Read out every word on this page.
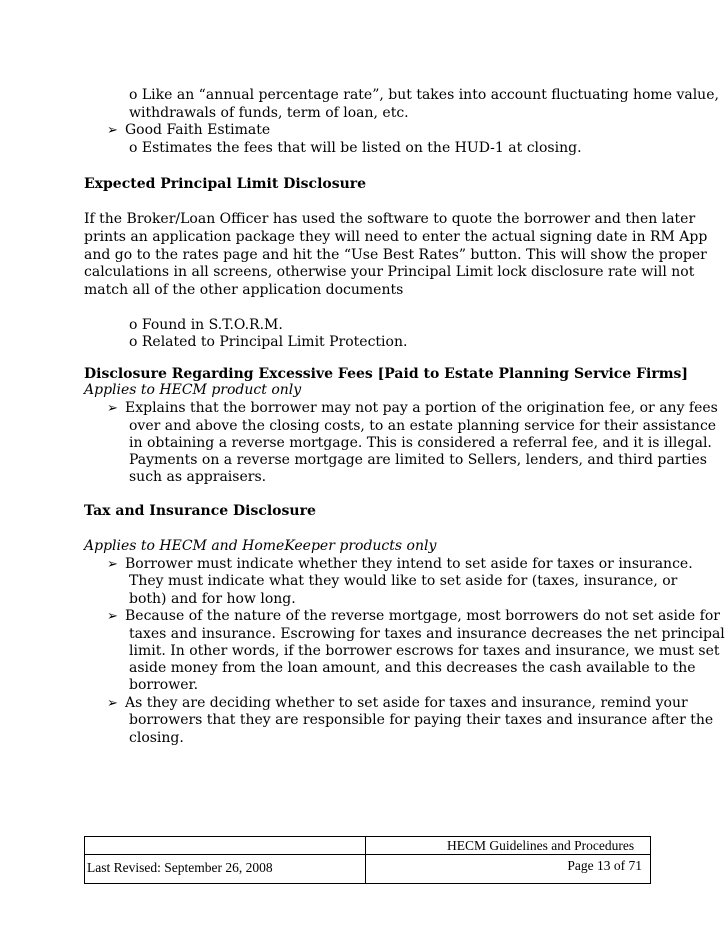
o Like an “annual percentage rate”, but takes into account fluctuating home value,
withdrawals of funds, term of loan, etc.
➢ Good Faith Estimate
o Estimates the fees that will be listed on the HUD-1 at closing.
Expected Principal Limit Disclosure
If the Broker/Loan Officer has used the software to quote the borrower and then later
prints an application package they will need to enter the actual signing date in RM App
and go to the rates page and hit the “Use Best Rates” button. This will show the proper
calculations in all screens, otherwise your Principal Limit lock disclosure rate will not
match all of the other application documents
o Found in S.T.O.R.M.
o Related to Principal Limit Protection.
Disclosure Regarding Excessive Fees [Paid to Estate Planning Service Firms]
Applies to HECM product only
➢ Explains that the borrower may not pay a portion of the origination fee, or any fees
over and above the closing costs, to an estate planning service for their assistance
in obtaining a reverse mortgage. This is considered a referral fee, and it is illegal.
Payments on a reverse mortgage are limited to Sellers, lenders, and third parties
such as appraisers.
Tax and Insurance Disclosure
Applies to HECM and HomeKeeper products only
➢ Borrower must indicate whether they intend to set aside for taxes or insurance.
They must indicate what they would like to set aside for (taxes, insurance, or
both) and for how long.
➢ Because of the nature of the reverse mortgage, most borrowers do not set aside for
taxes and insurance. Escrowing for taxes and insurance decreases the net principal
limit. In other words, if the borrower escrows for taxes and insurance, we must set
aside money from the loan amount, and this decreases the cash available to the
borrower.
➢ As they are deciding whether to set aside for taxes and insurance, remind your
borrowers that they are responsible for paying their taxes and insurance after the
closing.
HECM Guidelines and Procedures
Last Revised: September 26, 2008	Page 13 of 71
